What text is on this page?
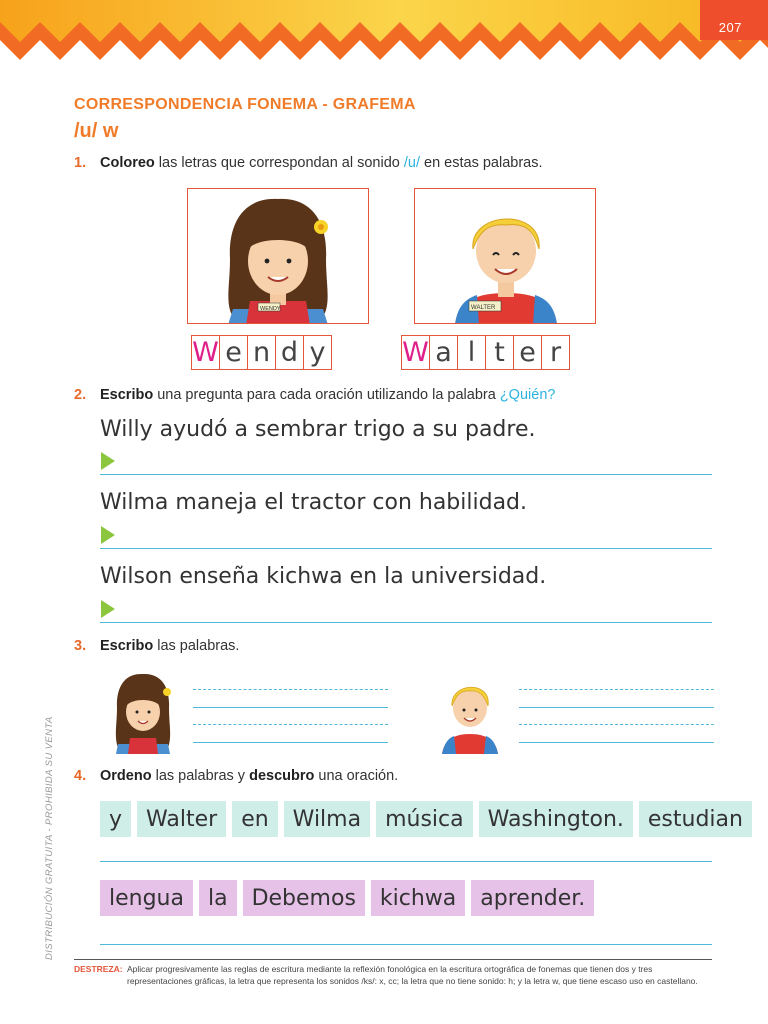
207
CORRESPONDENCIA FONEMA - GRAFEMA
/u/ w
1. Coloreo las letras que correspondan al sonido /u/ en estas palabras.
WENDY	WALTER
W e n d y	W a l t e r
2. Escribo una pregunta para cada oración utilizando la palabra ¿Quién?
Willy ayudó a sembrar trigo a su padre.
Wilma maneja el tractor con habilidad.
Wilson enseña kichwa en la universidad.
3. Escribo las palabras.
4. Ordeno las palabras y descubro una oración.
y	Walter	en	Wilma	música	Washington.	estudian
lengua	la	Debemos	kichwa	aprender.
DISTRIBUCIÓN GRATUITA - PROHIBIDA SU VENTA
DESTREZA: Aplicar progresivamente las reglas de escritura mediante la reflexión fonológica en la escritura ortográfica de fonemas que tienen dos y tres representaciones gráficas, la letra que representa los sonidos /ks/: x, cc; la letra que no tiene sonido: h; y la letra w, que tiene escaso uso en castellano.
